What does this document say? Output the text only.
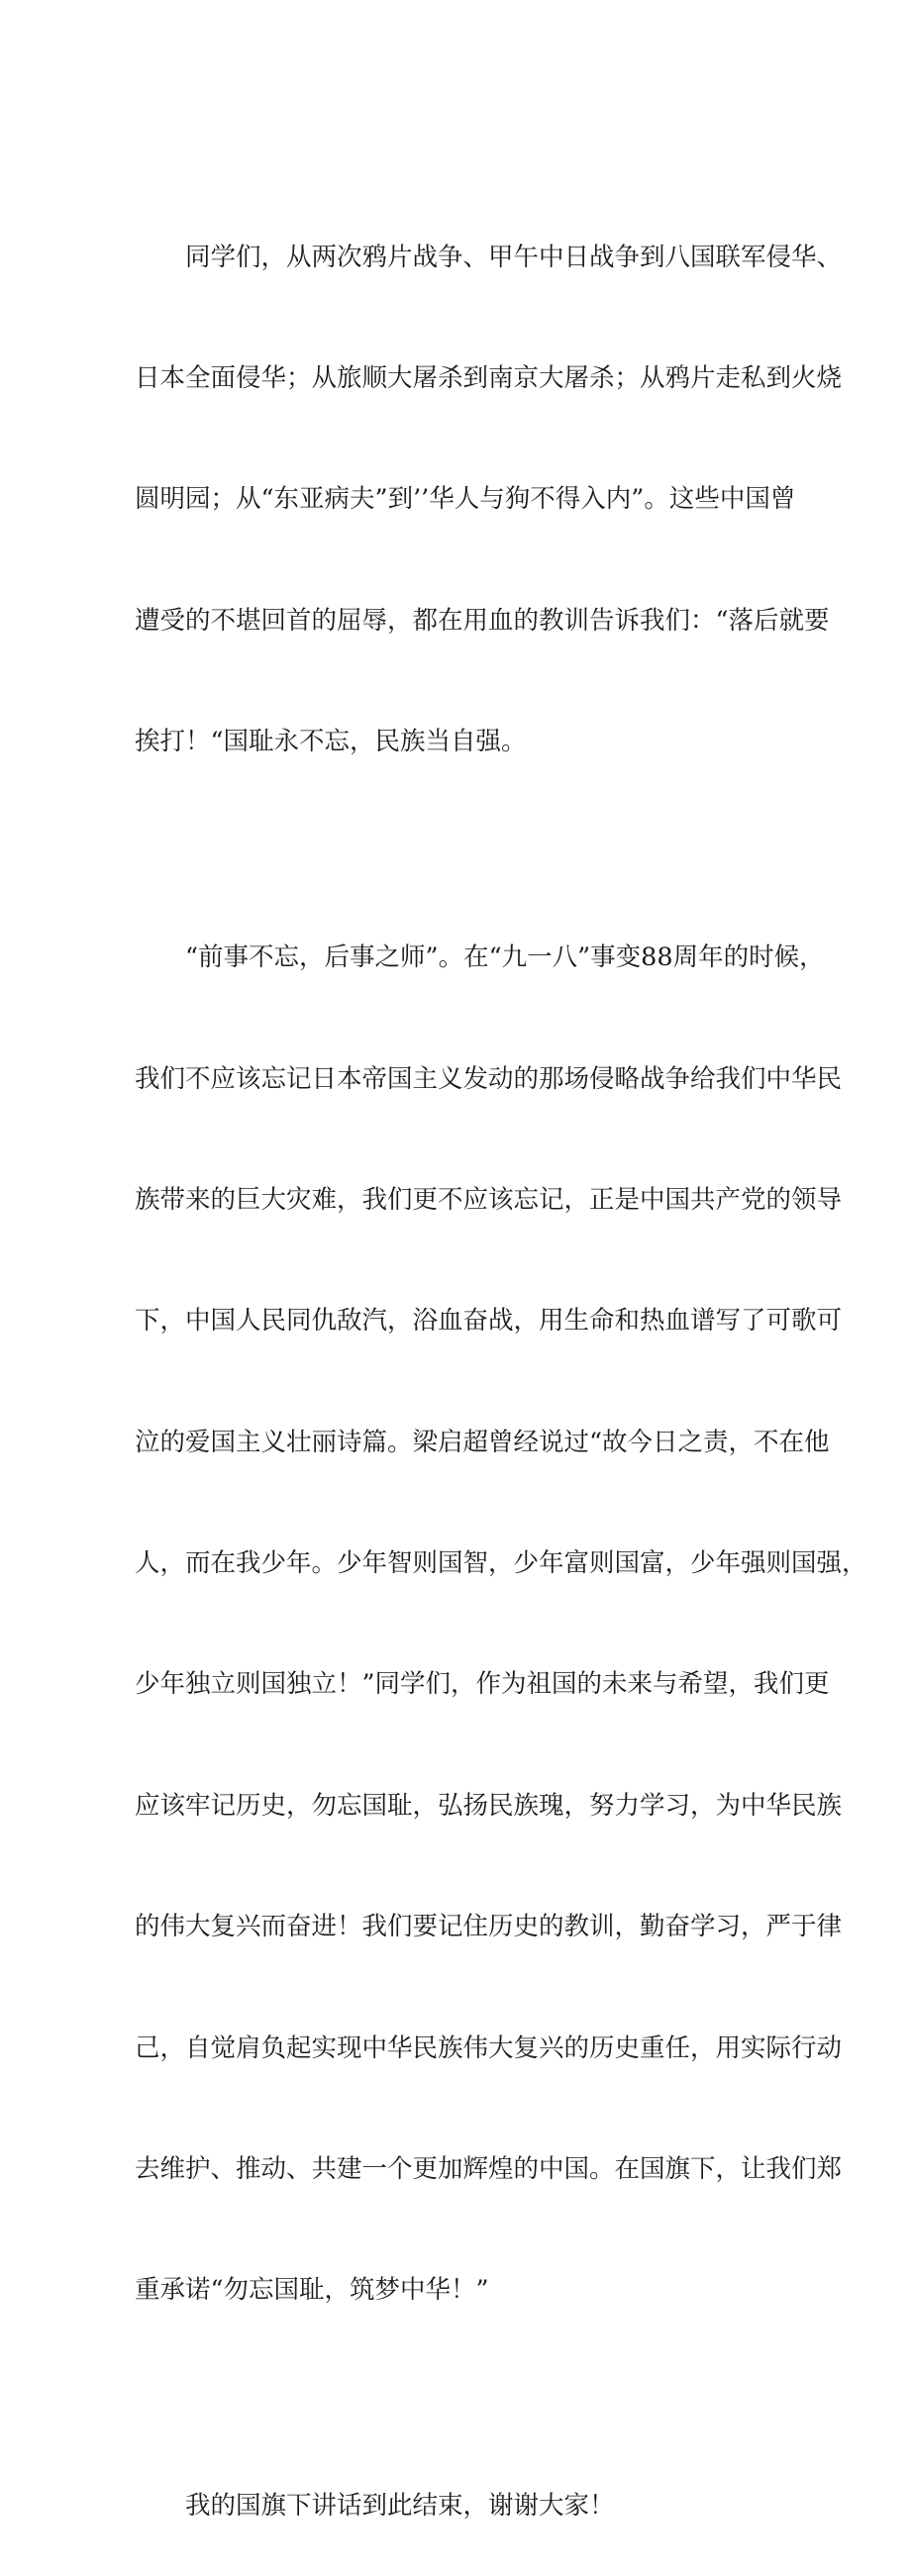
　　同学们，从两次鸦片战争、甲午中日战争到八国联军侵华、

日本全面侵华；从旅顺大屠杀到南京大屠杀；从鸦片走私到火烧

圆明园；从“东亚病夫”到’’华人与狗不得入内”。这些中国曾

遭受的不堪回首的屈辱，都在用血的教训告诉我们：“落后就要

挨打！“国耻永不忘，民族当自强。

　　“前事不忘，后事之师”。在“九一八”事变88周年的时候，

我们不应该忘记日本帝国主义发动的那场侵略战争给我们中华民

族带来的巨大灾难，我们更不应该忘记，正是中国共产党的领导

下，中国人民同仇敌汽，浴血奋战，用生命和热血谱写了可歌可

泣的爱国主义壮丽诗篇。梁启超曾经说过“故今日之责，不在他

人，而在我少年。少年智则国智，少年富则国富，少年强则国强，

少年独立则国独立！”同学们，作为祖国的未来与希望，我们更

应该牢记历史，勿忘国耻，弘扬民族瑰，努力学习，为中华民族

的伟大复兴而奋进！我们要记住历史的教训，勤奋学习，严于律

己，自觉肩负起实现中华民族伟大复兴的历史重任，用实际行动

去维护、推动、共建一个更加辉煌的中国。在国旗下，让我们郑

重承诺“勿忘国耻，筑梦中华！”

　　我的国旗下讲话到此结束，谢谢大家！
